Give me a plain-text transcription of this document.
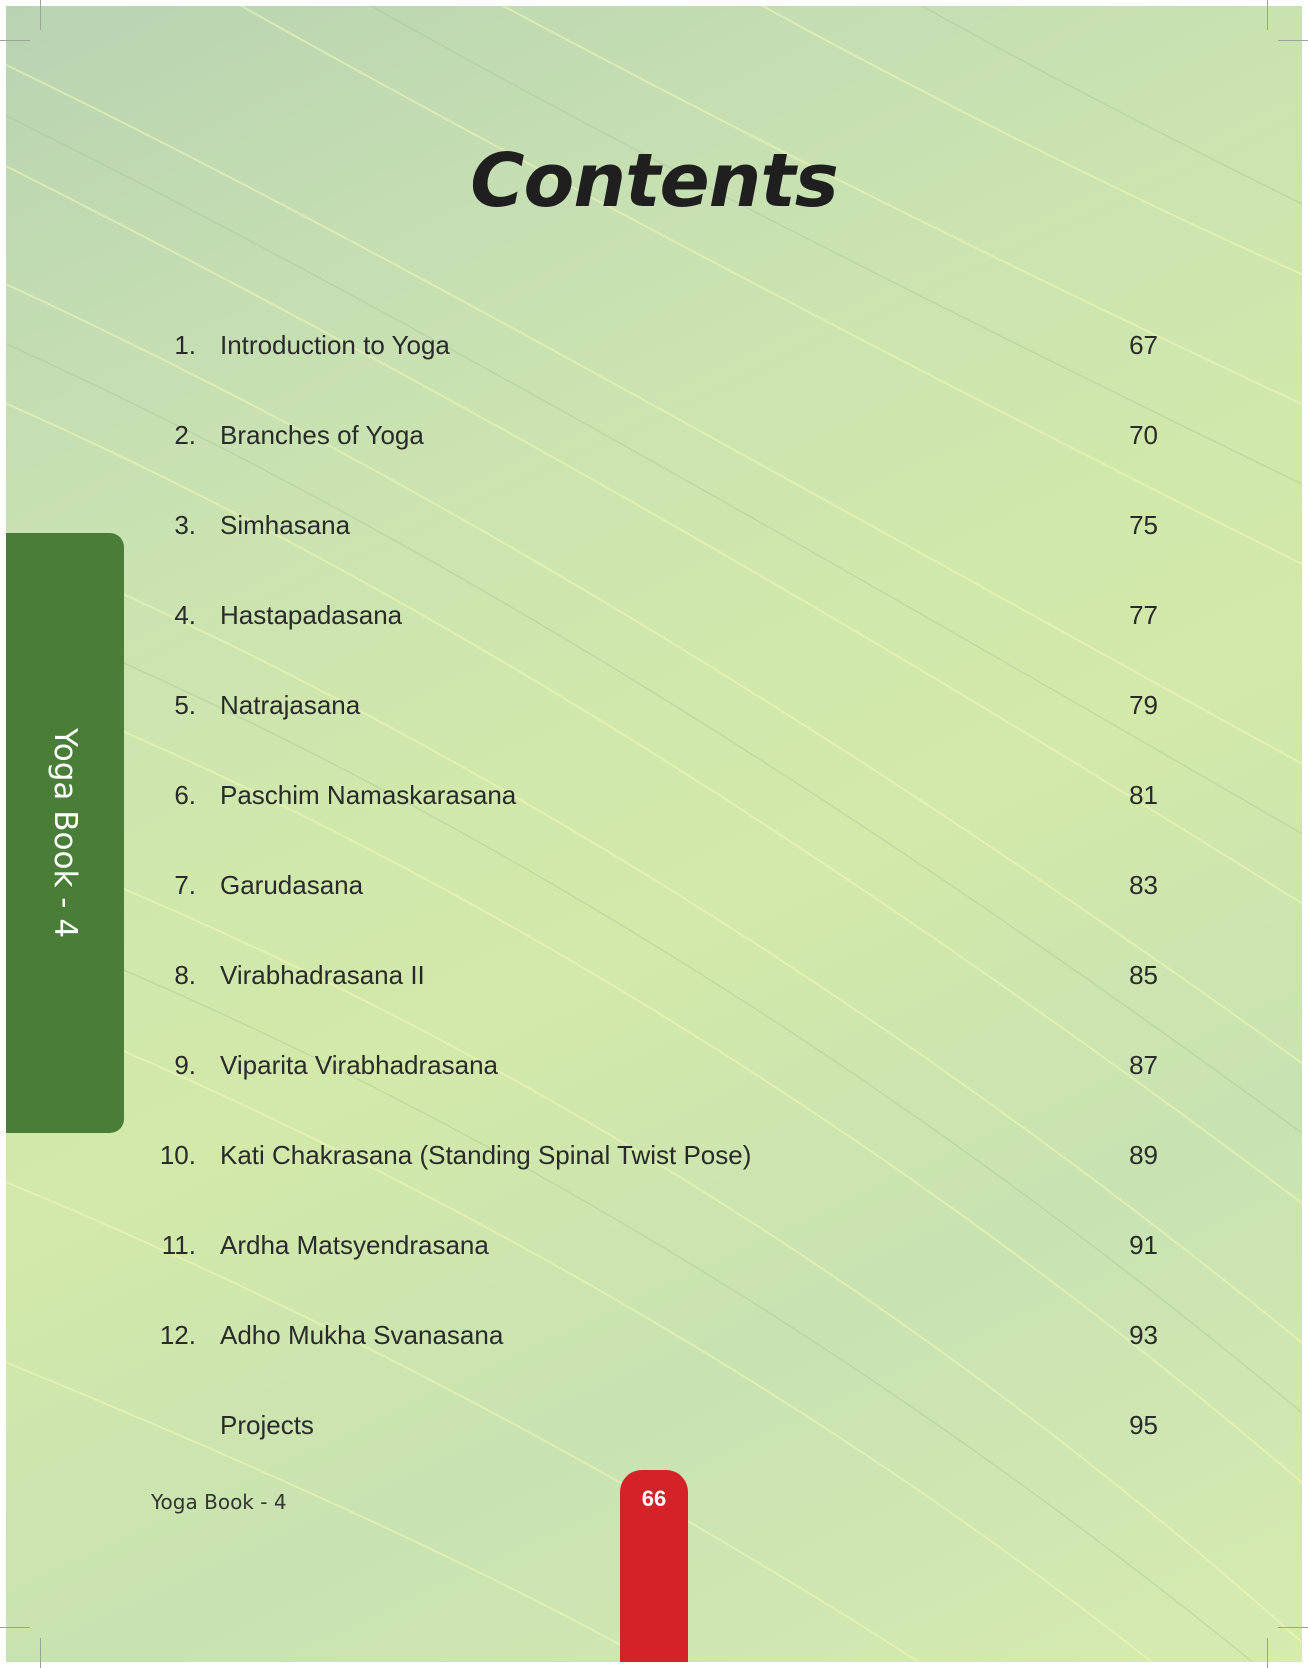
Contents
1. Introduction to Yoga	67
2. Branches of Yoga	70
3. Simhasana	75
4. Hastapadasana	77
5. Natrajasana	79
6. Paschim Namaskarasana	81
7. Garudasana	83
8. Virabhadrasana II	85
9. Viparita Virabhadrasana	87
10. Kati Chakrasana (Standing Spinal Twist Pose)	89
11. Ardha Matsyendrasana	91
12. Adho Mukha Svanasana	93
Projects	95
Yoga Book - 4
Yoga Book - 4	66
